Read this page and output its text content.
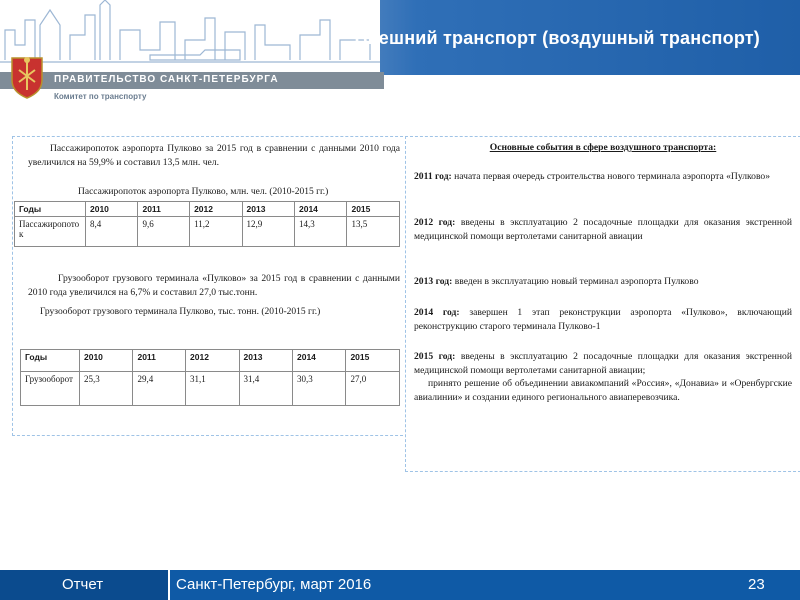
Внешний транспорт (воздушный транспорт)
ПРАВИТЕЛЬСТВО САНКТ-ПЕТЕРБУРГА
Комитет по транспорту
Пассажиропоток аэропорта Пулково за 2015 год в сравнении с данными 2010 года увеличился на 59,9% и составил 13,5 млн. чел.
Пассажиропоток аэропорта Пулково, млн. чел. (2010-2015 гг.)
Годы	2010	2011	2012	2013	2014	2015
Пассажиропоток	8,4	9,6	11,2	12,9	14,3	13,5
Грузооборот грузового терминала «Пулково» за 2015 год в сравнении с данными 2010 года увеличился на 6,7% и составил 27,0 тыс.тонн.
Грузооборот грузового терминала Пулково, тыс. тонн. (2010-2015 гг.)
Годы	2010	2011	2012	2013	2014	2015
Грузооборот	25,3	29,4	31,1	31,4	30,3	27,0
Основные события в сфере воздушного транспорта:
2011 год: начата первая очередь строительства нового терминала аэропорта «Пулково»
2012 год: введены в эксплуатацию 2 посадочные площадки для оказания экстренной медицинской помощи вертолетами санитарной авиации
2013 год: введен в эксплуатацию новый терминал аэропорта Пулково
2014 год: завершен 1 этап реконструкции аэропорта «Пулково», включающий реконструкцию старого терминала Пулково-1
2015 год: введены в эксплуатацию 2 посадочные площадки для оказания экстренной медицинской помощи вертолетами санитарной авиации;
принято решение об объединении авиакомпаний «Россия», «Донавиа» и «Оренбургские авиалинии» и создании единого регионального авиаперевозчика.
Отчет	Санкт-Петербург, март 2016	23
